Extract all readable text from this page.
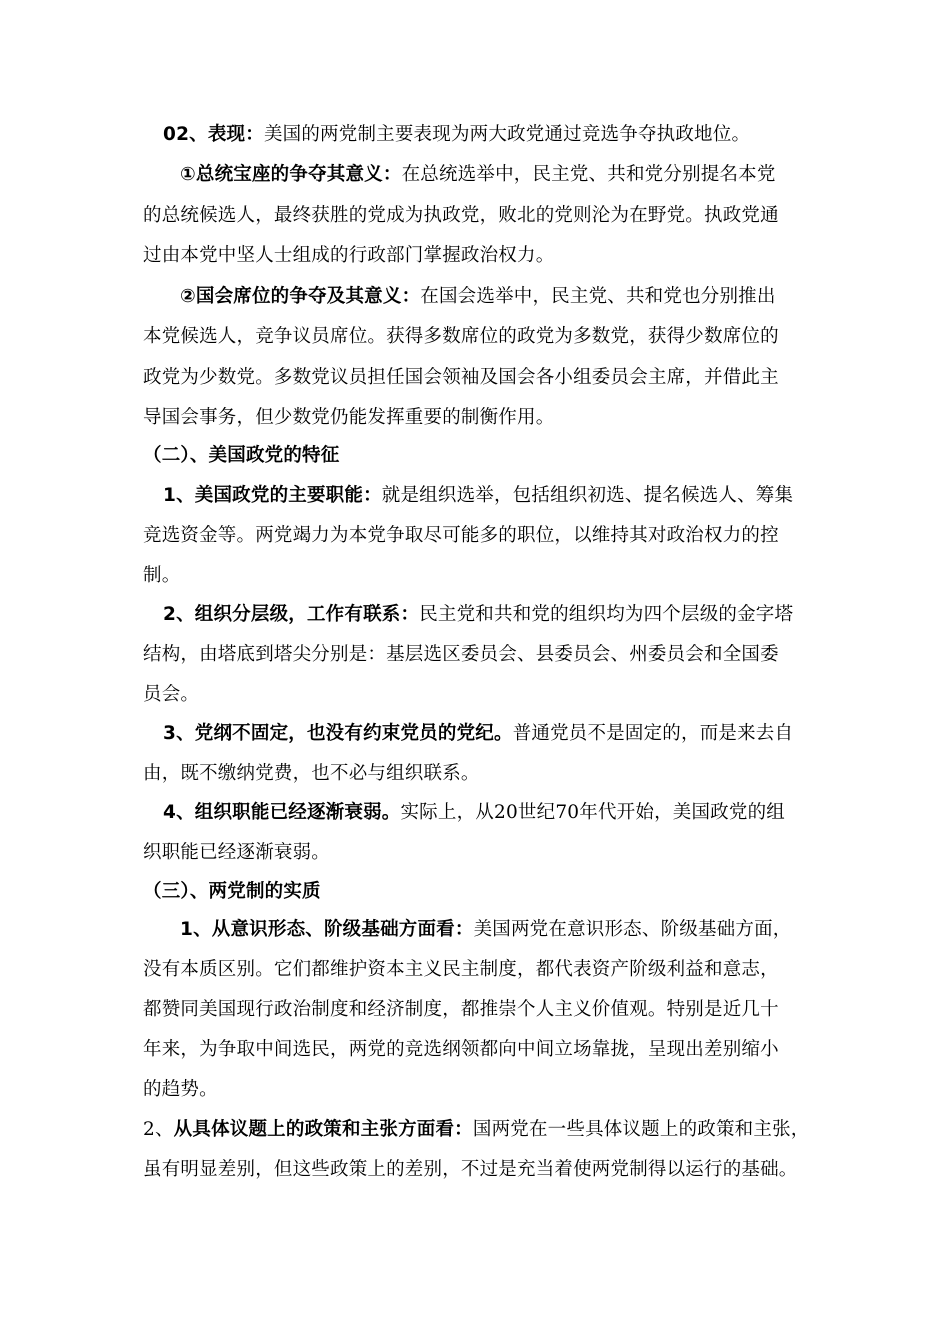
02、表现：美国的两党制主要表现为两大政党通过竞选争夺执政地位。
①总统宝座的争夺其意义：在总统选举中，民主党、共和党分别提名本党
的总统候选人，最终获胜的党成为执政党，败北的党则沦为在野党。执政党通
过由本党中坚人士组成的行政部门掌握政治权力。
②国会席位的争夺及其意义：在国会选举中，民主党、共和党也分别推出
本党候选人，竞争议员席位。获得多数席位的政党为多数党，获得少数席位的
政党为少数党。多数党议员担任国会领袖及国会各小组委员会主席，并借此主
导国会事务，但少数党仍能发挥重要的制衡作用。
（二）、美国政党的特征
1、美国政党的主要职能：就是组织选举，包括组织初选、提名候选人、筹集
竞选资金等。两党竭力为本党争取尽可能多的职位，以维持其对政治权力的控
制。
2、组织分层级，工作有联系：民主党和共和党的组织均为四个层级的金字塔
结构，由塔底到塔尖分别是：基层选区委员会、县委员会、州委员会和全国委
员会。
3、党纲不固定，也没有约束党员的党纪。普通党员不是固定的，而是来去自
由，既不缴纳党费，也不必与组织联系。
4、组织职能已经逐渐衰弱。实际上，从20世纪70年代开始，美国政党的组
织职能已经逐渐衰弱。
（三）、两党制的实质
1、从意识形态、阶级基础方面看：美国两党在意识形态、阶级基础方面，
没有本质区别。它们都维护资本主义民主制度，都代表资产阶级利益和意志，
都赞同美国现行政治制度和经济制度，都推崇个人主义价值观。特别是近几十
年来，为争取中间选民，两党的竞选纲领都向中间立场靠拢，呈现出差别缩小
的趋势。
2、从具体议题上的政策和主张方面看：国两党在一些具体议题上的政策和主张，
虽有明显差别，但这些政策上的差别，不过是充当着使两党制得以运行的基础。
